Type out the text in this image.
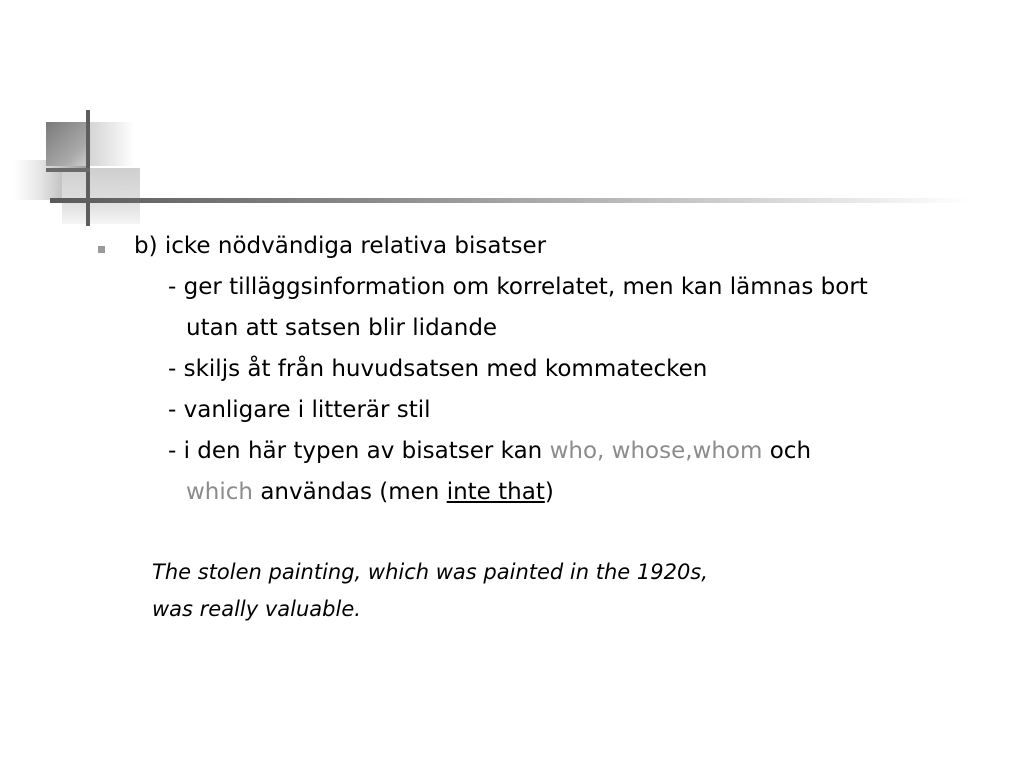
b) icke nödvändiga relativa bisatser
- ger tilläggsinformation om korrelatet, men kan lämnas bort
utan att satsen blir lidande
- skiljs åt från huvudsatsen med kommatecken
- vanligare i litterär stil
- i den här typen av bisatser kan who, whose,whom och
which användas (men inte that)
The stolen painting, which was painted in the 1920s,
was really valuable.
